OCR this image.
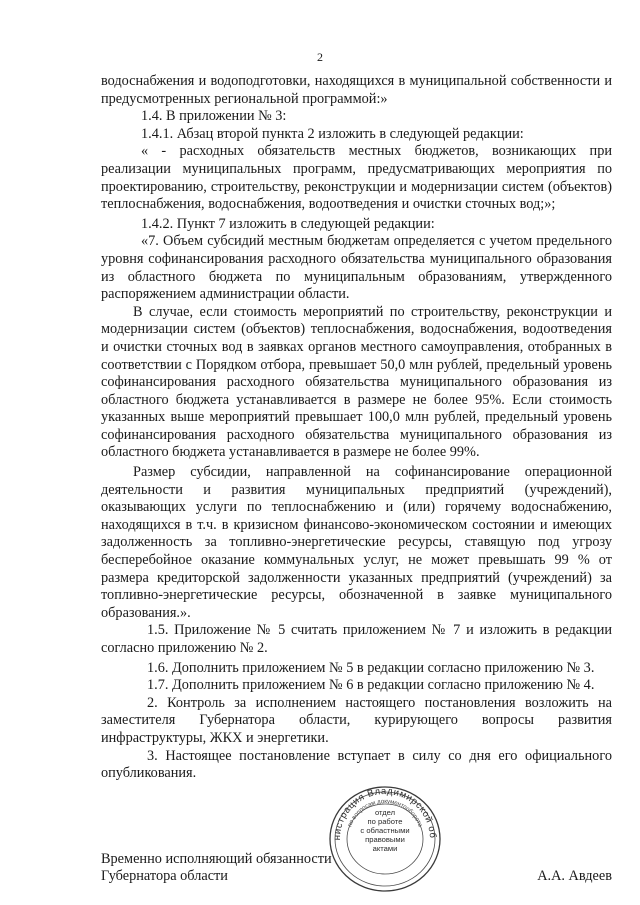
2

водоснабжения и водоподготовки, находящихся в муниципальной собственности и предусмотренных региональной программой:»

1.4. В приложении № 3:

1.4.1. Абзац второй пункта 2 изложить в следующей редакции:

« - расходных обязательств местных бюджетов, возникающих при реализации муниципальных программ, предусматривающих мероприятия по проектированию, строительству, реконструкции и модернизации систем (объектов) теплоснабжения, водоснабжения, водоотведения и очистки сточных вод;»;

1.4.2. Пункт 7 изложить в следующей редакции:

«7. Объем субсидий местным бюджетам определяется с учетом предельного уровня софинансирования расходного обязательства муниципального образования из областного бюджета по муниципальным образованиям, утвержденного распоряжением администрации области.

В случае, если стоимость мероприятий по строительству, реконструкции и модернизации систем (объектов) теплоснабжения, водоснабжения, водоотведения и очистки сточных вод в заявках органов местного самоуправления, отобранных в соответствии с Порядком отбора, превышает 50,0 млн рублей, предельный уровень софинансирования расходного обязательства муниципального образования из областного бюджета устанавливается в размере не более 95%. Если стоимость указанных выше мероприятий превышает 100,0 млн рублей, предельный уровень софинансирования расходного обязательства муниципального образования из областного бюджета устанавливается в размере не более 99%.

Размер субсидии, направленной на софинансирование операционной деятельности и развития муниципальных предприятий (учреждений), оказывающих услуги по теплоснабжению и (или) горячему водоснабжению, находящихся в т.ч. в кризисном финансово-экономическом состоянии и имеющих задолженность за топливно-энергетические ресурсы, ставящую под угрозу бесперебойное оказание коммунальных услуг, не может превышать 99 % от размера кредиторской задолженности указанных предприятий (учреждений) за топливно-энергетические ресурсы, обозначенной в заявке муниципального образования.».

1.5. Приложение № 5 считать приложением № 7 и изложить в редакции согласно приложению № 2.

1.6. Дополнить приложением № 5 в редакции согласно приложению № 3.

1.7. Дополнить приложением № 6 в редакции согласно приложению № 4.

2. Контроль за исполнением настоящего постановления возложить на заместителя Губернатора области, курирующего вопросы развития инфраструктуры, ЖКХ и энергетики.

3. Настоящее постановление вступает в силу со дня его официального опубликования.

нистрация Владимирской об
по вопросам документооборота
отдел
по работе
с областными
правовыми
актами
Временно исполняющий обязанности
Губернатора области	А.А. Авдеев
